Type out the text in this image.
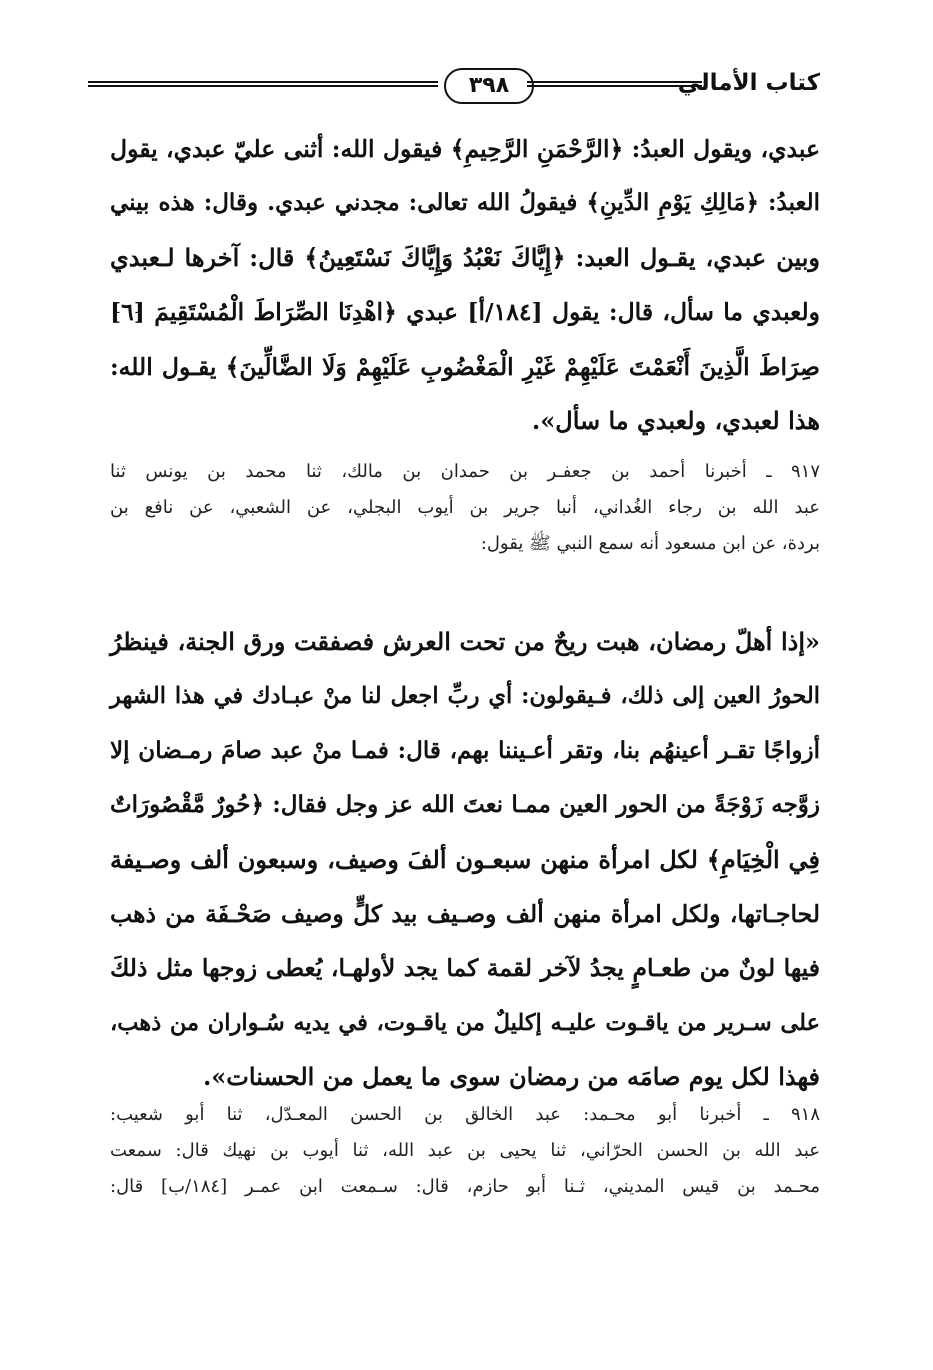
كتاب الأمالي
٣٩٨
عبدي، ويقول العبدُ: ﴿الرَّحْمَنِ الرَّحِيمِ﴾ فيقول الله: أثنى عليّ عبدي، يقول
العبدُ: ﴿مَالِكِ يَوْمِ الدِّينِ﴾ فيقولُ الله تعالى: مجدني عبدي. وقال: هذه بيني
وبين عبدي، يقـول العبد: ﴿إِيَّاكَ نَعْبُدُ وَإِيَّاكَ نَسْتَعِينُ﴾ قال: آخرها لـعبدي
ولعبدي ما سأل، قال: يقول [١٨٤/أ] عبدي ﴿اهْدِنَا الصِّرَاطَ الْمُسْتَقِيمَ ⁅٦⁆
صِرَاطَ الَّذِينَ أَنْعَمْتَ عَلَيْهِمْ غَيْرِ الْمَغْضُوبِ عَلَيْهِمْ وَلَا الضَّالِّينَ﴾ يقـول الله:
هذا لعبدي، ولعبدي ما سأل».
٩١٧ ـ أخبرنا أحمد بن جعفـر بن حمدان بن مالك، ثنا محمد بن يونس ثنا
عبد الله بن رجاء الغُداني، أنبا جرير بن أيوب البجلي، عن الشعبي، عن نافع بن
بردة، عن ابن مسعود أنه سمع النبي ﷺ يقول:
«إذا أهلّ رمضان، هبت ريحٌ من تحت العرش فصفقت ورق الجنة، فينظرُ
الحورُ العين إلى ذلك، فـيقولون: أي ربِّ اجعل لنا منْ عبـادك في هذا الشهر
أزواجًا تقـر أعينهُم بنا، وتقر أعـيننا بهم، قال: فمـا منْ عبد صامَ رمـضان إلا
زوَّجه زَوْجَةً من الحور العين ممـا نعتَ الله عز وجل فقال: ﴿حُورٌ مَّقْصُورَاتٌ
فِي الْخِيَامِ﴾ لكل امرأة منهن سبعـون ألفَ وصيف، وسبعون ألف وصـيفة
لحاجـاتها، ولكل امرأة منهن ألف وصـيف بيد كلٍّ وصيف صَحْـفَة من ذهب
فيها لونٌ من طعـامٍ يجدُ لآخر لقمة كما يجد لأولهـا، يُعطى زوجها مثل ذلكَ
على سـرير من ياقـوت عليـه إكليلٌ من ياقـوت، في يديه سُـواران من ذهب،
فهذا لكل يوم صامَه من رمضان سوى ما يعمل من الحسنات».
٩١٨ ـ أخبرنا أبو محـمد: عبد الخالق بن الحسن المعـدّل، ثنا أبو شعيب:
عبد الله بن الحسن الحرّاني، ثنا يحيى بن عبد الله، ثنا أيوب بن نهيك قال: سمعت
محـمد بن قيس المديني، ثـنا أبو حازم، قال: سـمعت ابن عمـر [١٨٤/ب] قال:
